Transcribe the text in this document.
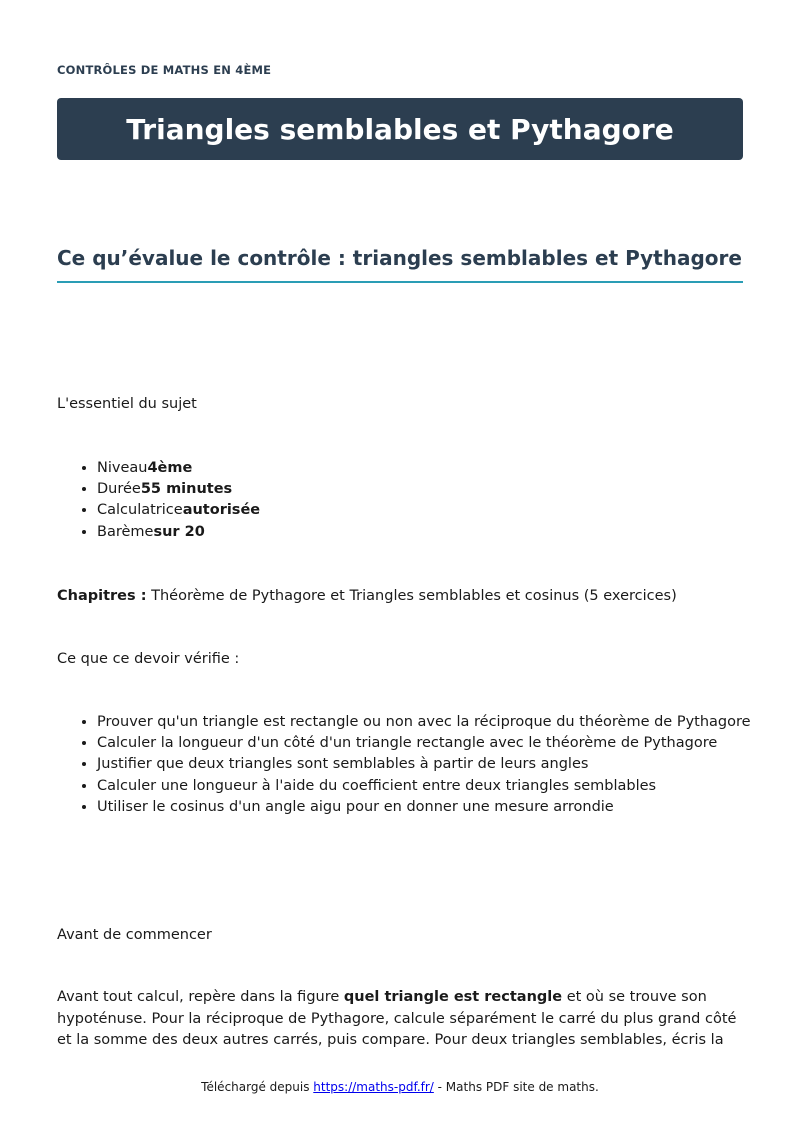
CONTRÔLES DE MATHS EN 4ÈME
Triangles semblables et Pythagore
Ce qu’évalue le contrôle : triangles semblables et Pythagore
L'essentiel du sujet
• Niveau4ème
• Durée55 minutes
• Calculatriceautorisée
• Barèmesur 20
Chapitres : Théorème de Pythagore et Triangles semblables et cosinus (5 exercices)
Ce que ce devoir vérifie :
• Prouver qu'un triangle est rectangle ou non avec la réciproque du théorème de Pythagore
• Calculer la longueur d'un côté d'un triangle rectangle avec le théorème de Pythagore
• Justifier que deux triangles sont semblables à partir de leurs angles
• Calculer une longueur à l'aide du coefficient entre deux triangles semblables
• Utiliser le cosinus d'un angle aigu pour en donner une mesure arrondie
Avant de commencer
Avant tout calcul, repère dans la figure quel triangle est rectangle et où se trouve son hypoténuse. Pour la réciproque de Pythagore, calcule séparément le carré du plus grand côté et la somme des deux autres carrés, puis compare. Pour deux triangles semblables, écris la
Téléchargé depuis https://maths-pdf.fr/ - Maths PDF site de maths.
